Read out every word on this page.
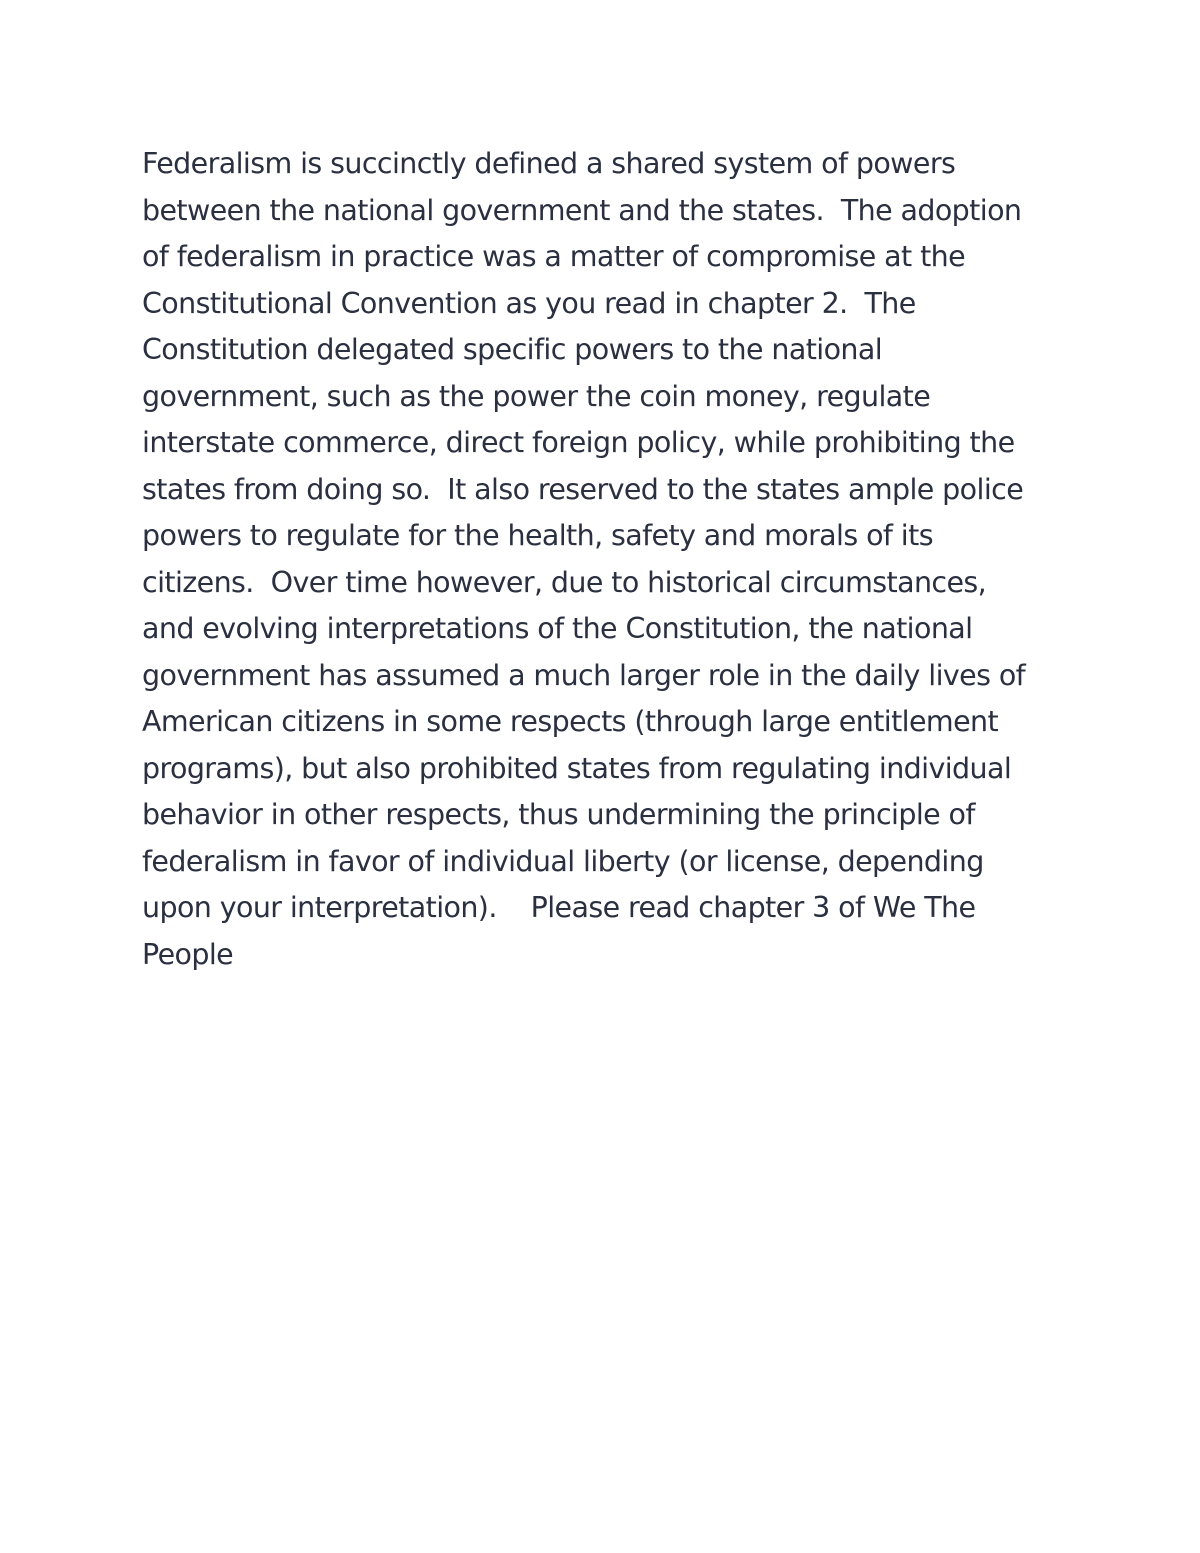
Federalism is succinctly defined a shared system of powers
between the national government and the states.  The adoption
of federalism in practice was a matter of compromise at the
Constitutional Convention as you read in chapter 2.  The
Constitution delegated specific powers to the national
government, such as the power the coin money, regulate
interstate commerce, direct foreign policy, while prohibiting the
states from doing so.  It also reserved to the states ample police
powers to regulate for the health, safety and morals of its
citizens.  Over time however, due to historical circumstances,
and evolving interpretations of the Constitution, the national
government has assumed a much larger role in the daily lives of
American citizens in some respects (through large entitlement
programs), but also prohibited states from regulating individual
behavior in other respects, thus undermining the principle of
federalism in favor of individual liberty (or license, depending
upon your interpretation).    Please read chapter 3 of We The
People
